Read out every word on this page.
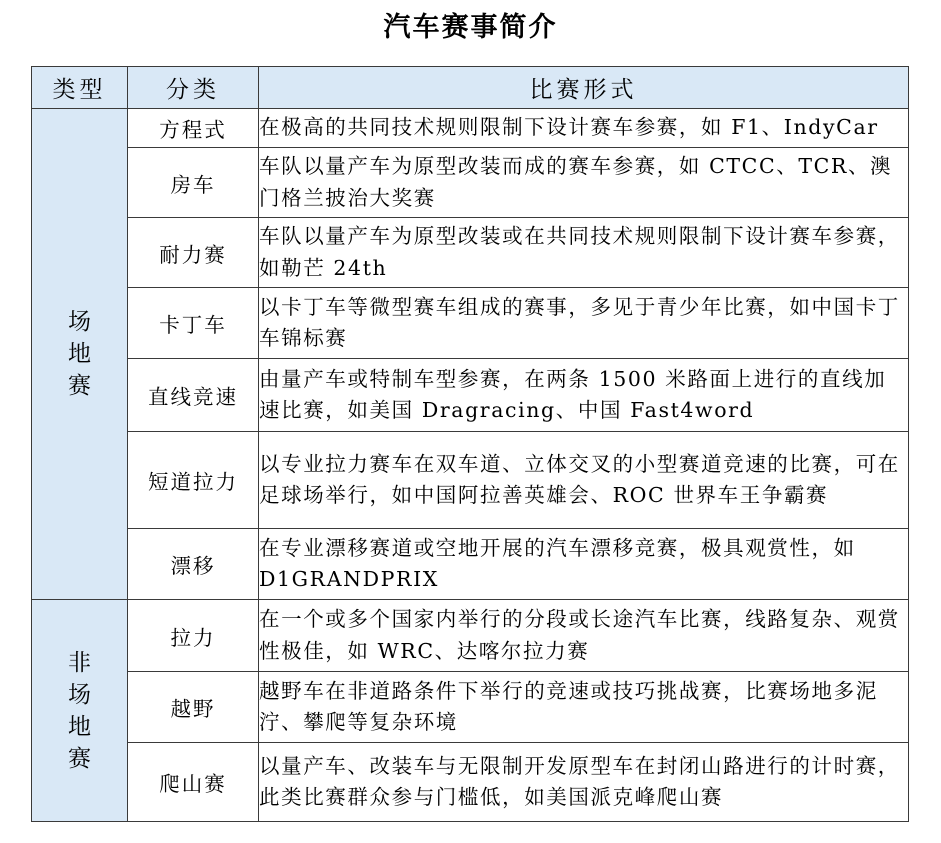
汽车赛事简介
类型	分类	比赛形式
场地赛	方程式	在极高的共同技术规则限制下设计赛车参赛，如 F1、IndyCar
	房车	车队以量产车为原型改装而成的赛车参赛，如 CTCC、TCR、澳门格兰披治大奖赛
	耐力赛	车队以量产车为原型改装或在共同技术规则限制下设计赛车参赛，如勒芒 24th
	卡丁车	以卡丁车等微型赛车组成的赛事，多见于青少年比赛，如中国卡丁车锦标赛
	直线竞速	由量产车或特制车型参赛，在两条 1500 米路面上进行的直线加速比赛，如美国 Dragracing、中国 Fast4word
	短道拉力	以专业拉力赛车在双车道、立体交叉的小型赛道竞速的比赛，可在足球场举行，如中国阿拉善英雄会、ROC 世界车王争霸赛
	漂移	在专业漂移赛道或空地开展的汽车漂移竞赛，极具观赏性，如 D1GRANDPRIX
非场地赛	拉力	在一个或多个国家内举行的分段或长途汽车比赛，线路复杂、观赏性极佳，如 WRC、达喀尔拉力赛
	越野	越野车在非道路条件下举行的竞速或技巧挑战赛，比赛场地多泥泞、攀爬等复杂环境
	爬山赛	以量产车、改装车与无限制开发原型车在封闭山路进行的计时赛，此类比赛群众参与门槛低，如美国派克峰爬山赛
